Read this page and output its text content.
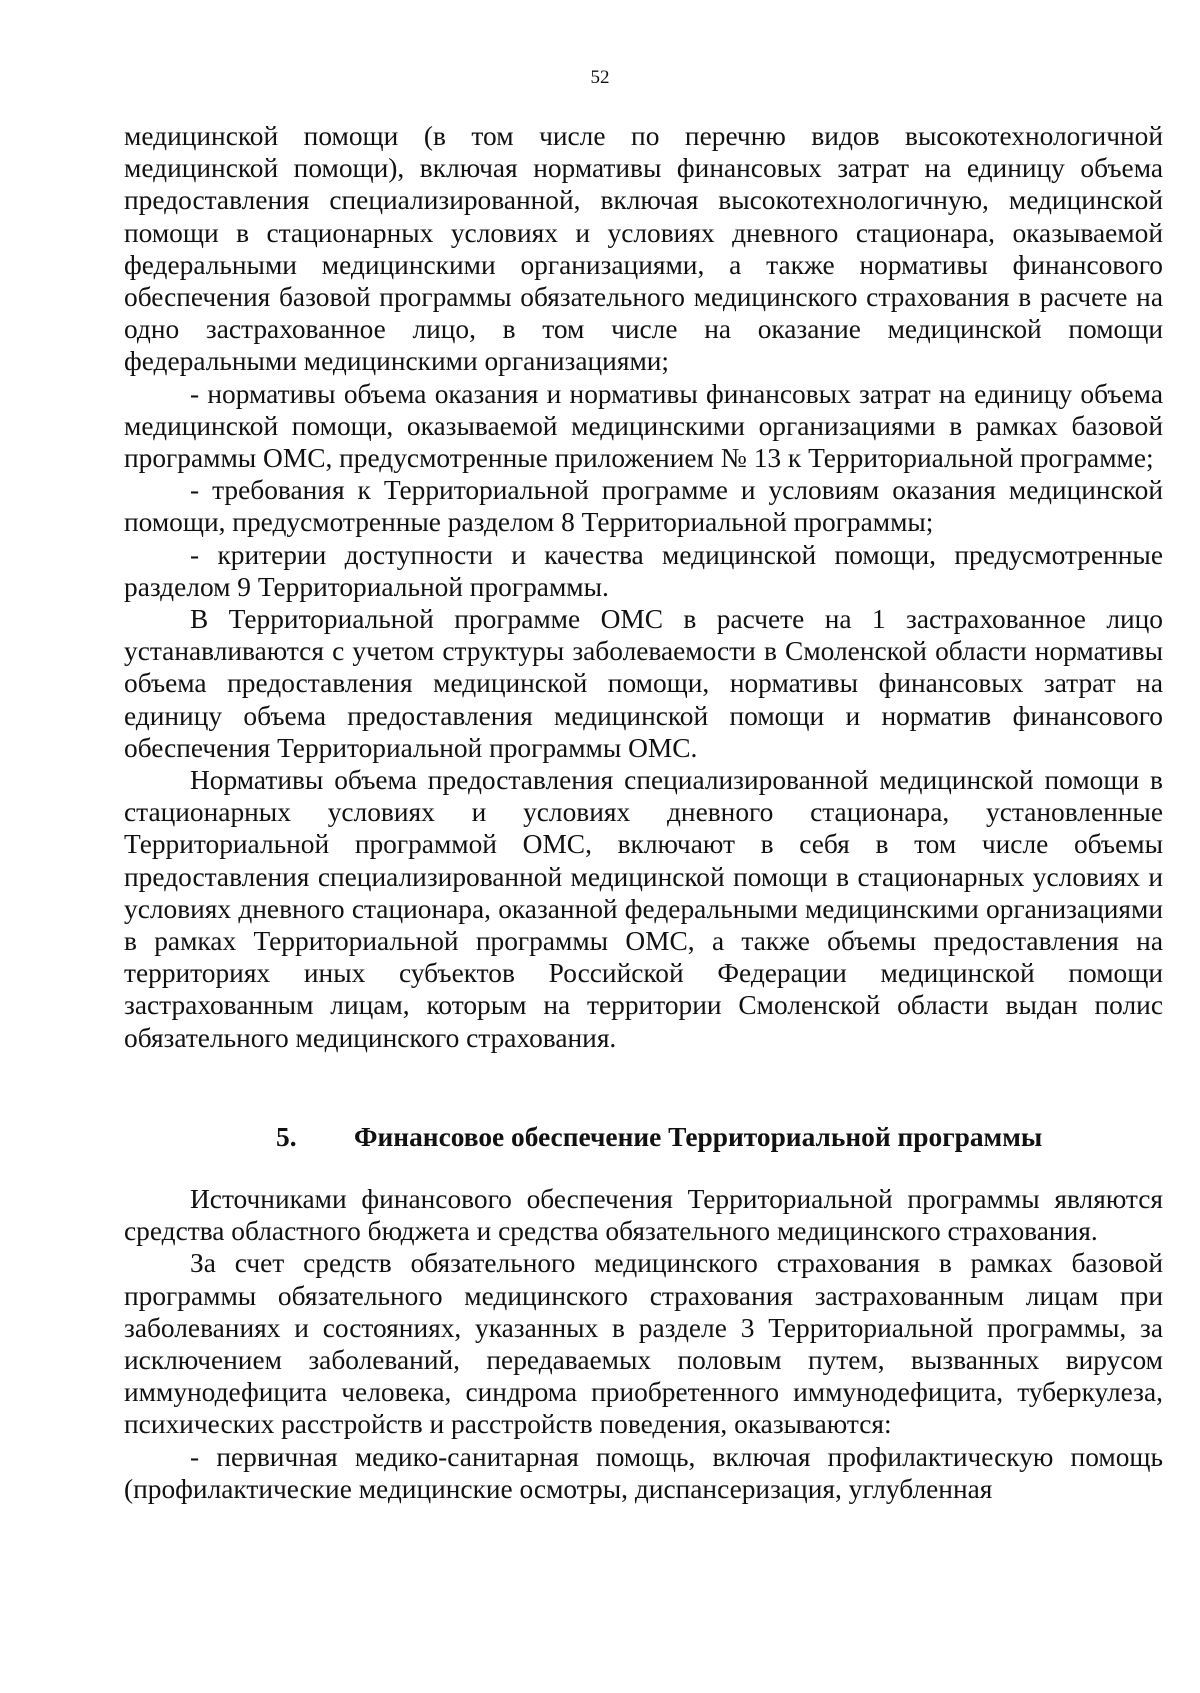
52

медицинской помощи (в том числе по перечню видов высокотехнологичной медицинской помощи), включая нормативы финансовых затрат на единицу объема предоставления специализированной, включая высокотехнологичную, медицинской помощи в стационарных условиях и условиях дневного стационара, оказываемой федеральными медицинскими организациями, а также нормативы финансового обеспечения базовой программы обязательного медицинского страхования в расчете на одно застрахованное лицо, в том числе на оказание медицинской помощи федеральными медицинскими организациями;

- нормативы объема оказания и нормативы финансовых затрат на единицу объема медицинской помощи, оказываемой медицинскими организациями в рамках базовой программы ОМС, предусмотренные приложением № 13 к Территориальной программе;

- требования к Территориальной программе и условиям оказания медицинской помощи, предусмотренные разделом 8 Территориальной программы;

- критерии доступности и качества медицинской помощи, предусмотренные разделом 9 Территориальной программы.

В Территориальной программе ОМС в расчете на 1 застрахованное лицо устанавливаются с учетом структуры заболеваемости в Смоленской области нормативы объема предоставления медицинской помощи, нормативы финансовых затрат на единицу объема предоставления медицинской помощи и норматив финансового обеспечения Территориальной программы ОМС.

Нормативы объема предоставления специализированной медицинской помощи в стационарных условиях и условиях дневного стационара, установленные Территориальной программой ОМС, включают в себя в том числе объемы предоставления специализированной медицинской помощи в стационарных условиях и условиях дневного стационара, оказанной федеральными медицинскими организациями в рамках Территориальной программы ОМС, а также объемы предоставления на территориях иных субъектов Российской Федерации медицинской помощи застрахованным лицам, которым на территории Смоленской области выдан полис обязательного медицинского страхования.

5. Финансовое обеспечение Территориальной программы

Источниками финансового обеспечения Территориальной программы являются средства областного бюджета и средства обязательного медицинского страхования.

За счет средств обязательного медицинского страхования в рамках базовой программы обязательного медицинского страхования застрахованным лицам при заболеваниях и состояниях, указанных в разделе 3 Территориальной программы, за исключением заболеваний, передаваемых половым путем, вызванных вирусом иммунодефицита человека, синдрома приобретенного иммунодефицита, туберкулеза, психических расстройств и расстройств поведения, оказываются:

- первичная медико-санитарная помощь, включая профилактическую помощь (профилактические медицинские осмотры, диспансеризация, углубленная
